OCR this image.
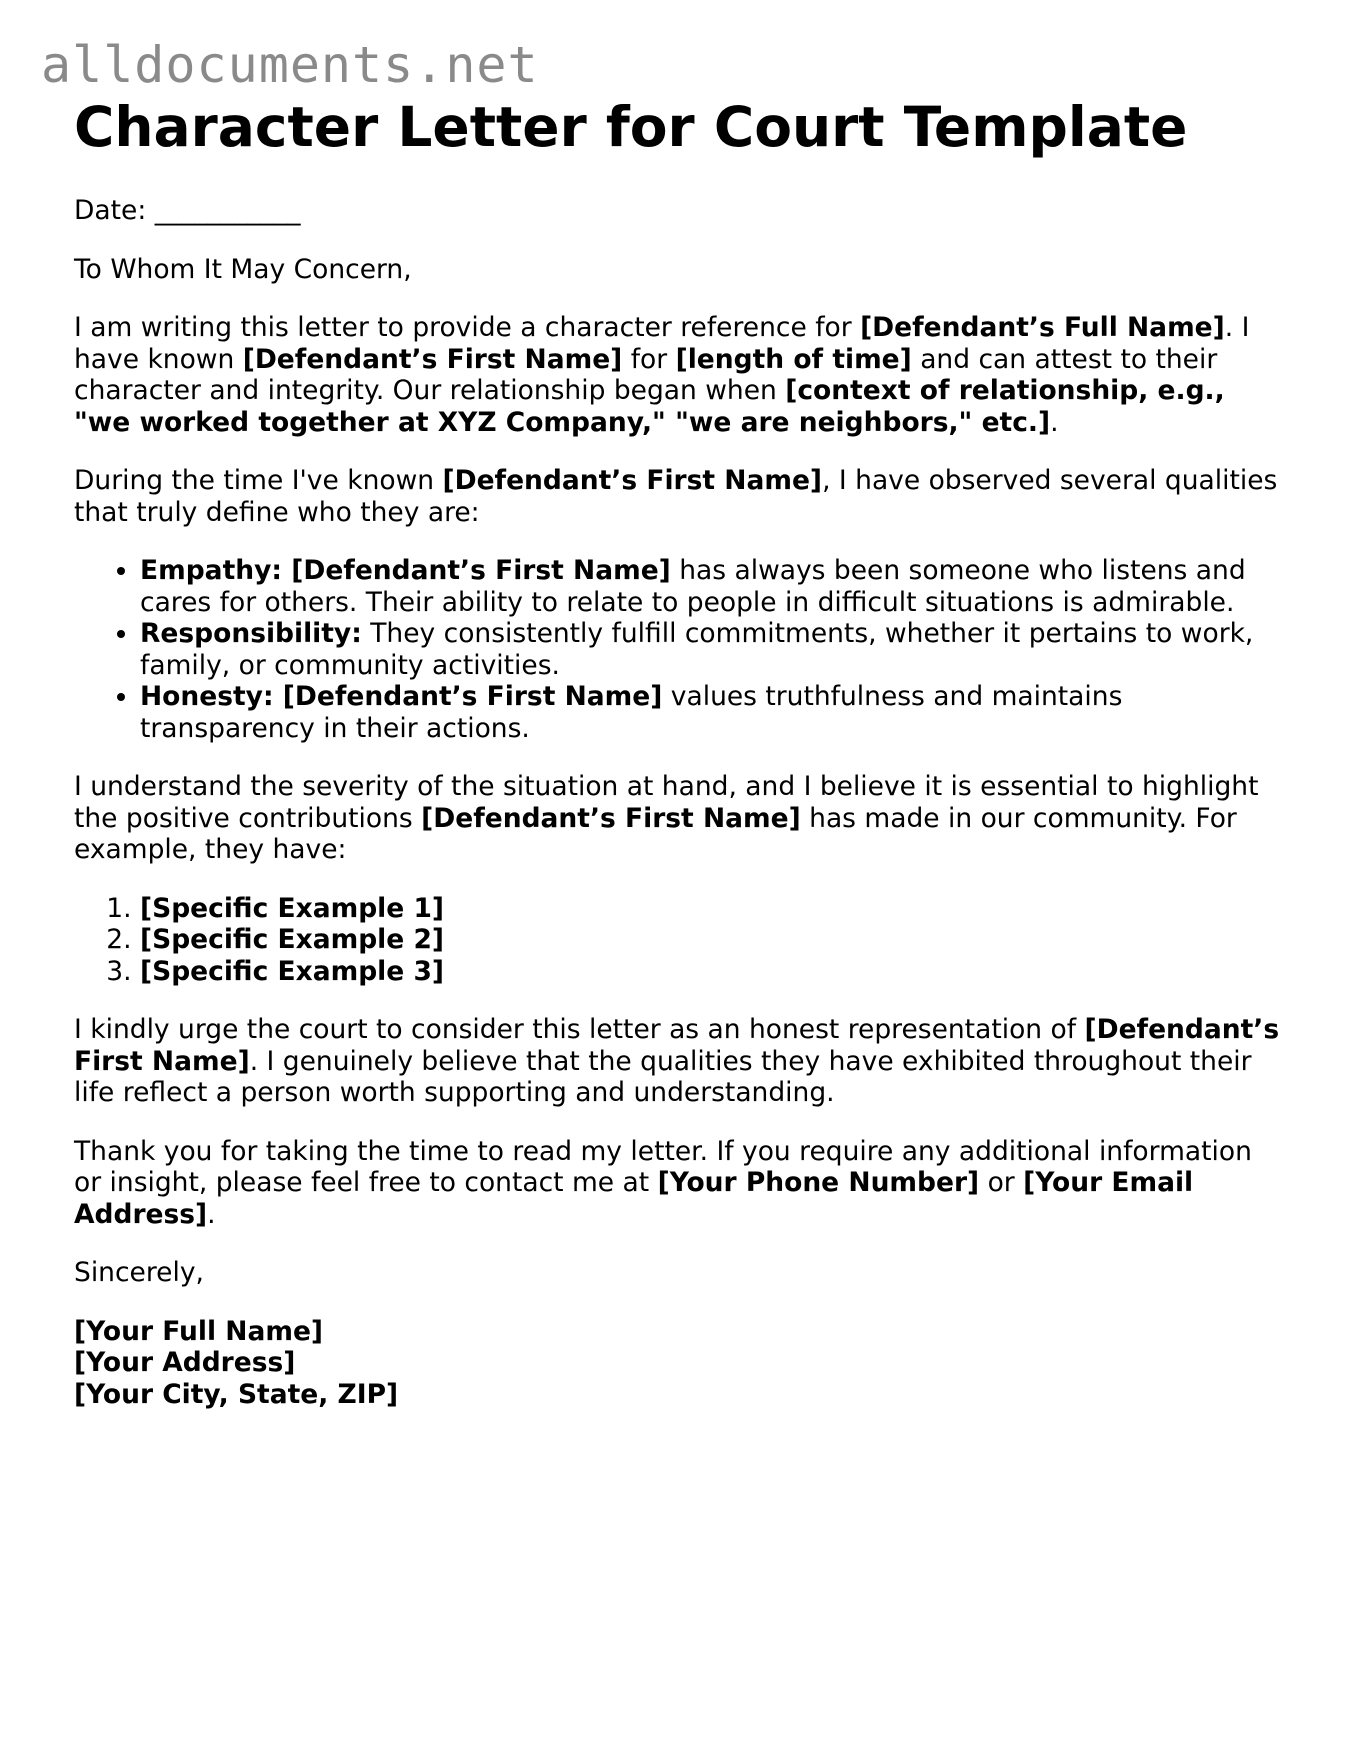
alldocuments.net
Character Letter for Court Template

Date: ___________

To Whom It May Concern,

I am writing this letter to provide a character reference for [Defendant’s Full Name]. I have known [Defendant’s First Name] for [length of time] and can attest to their character and integrity. Our relationship began when [context of relationship, e.g., "we worked together at XYZ Company," "we are neighbors," etc.].

During the time I've known [Defendant’s First Name], I have observed several qualities that truly define who they are:

• Empathy: [Defendant’s First Name] has always been someone who listens and cares for others. Their ability to relate to people in difficult situations is admirable.
• Responsibility: They consistently fulfill commitments, whether it pertains to work, family, or community activities.
• Honesty: [Defendant’s First Name] values truthfulness and maintains transparency in their actions.

I understand the severity of the situation at hand, and I believe it is essential to highlight the positive contributions [Defendant’s First Name] has made in our community. For example, they have:

1. [Specific Example 1]
2. [Specific Example 2]
3. [Specific Example 3]

I kindly urge the court to consider this letter as an honest representation of [Defendant’s First Name]. I genuinely believe that the qualities they have exhibited throughout their life reflect a person worth supporting and understanding.

Thank you for taking the time to read my letter. If you require any additional information or insight, please feel free to contact me at [Your Phone Number] or [Your Email Address].

Sincerely,

[Your Full Name]

[Your Address]

[Your City, State, ZIP]
